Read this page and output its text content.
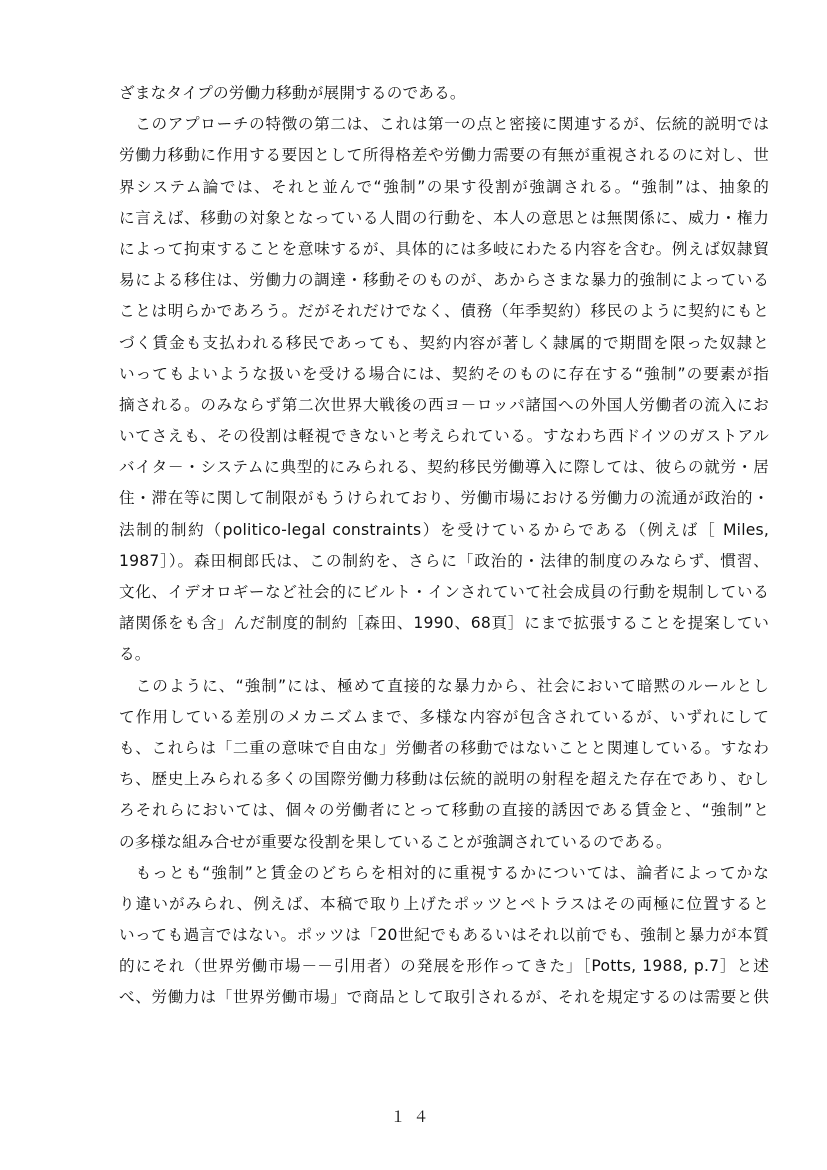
ざまなタイプの労働力移動が展開するのである。
　このアプローチの特徴の第二は、これは第一の点と密接に関連するが、伝統的説明では
労働力移動に作用する要因として所得格差や労働力需要の有無が重視されるのに対し、世
界システム論では、それと並んで“強制”の果す役割が強調される。“強制”は、抽象的
に言えば、移動の対象となっている人間の行動を、本人の意思とは無関係に、威力・権力
によって拘束することを意味するが、具体的には多岐にわたる内容を含む。例えば奴隷貿
易による移住は、労働力の調達・移動そのものが、あからさまな暴力的強制によっている
ことは明らかであろう。だがそれだけでなく、債務（年季契約）移民のように契約にもと
づく賃金も支払われる移民であっても、契約内容が著しく隷属的で期間を限った奴隷と
いってもよいような扱いを受ける場合には、契約そのものに存在する“強制”の要素が指
摘される。のみならず第二次世界大戦後の西ヨ－ロッパ諸国への外国人労働者の流入にお
いてさえも、その役割は軽視できないと考えられている。すなわち西ドイツのガストアル
バイタ－・システムに典型的にみられる、契約移民労働導入に際しては、彼らの就労・居
住・滞在等に関して制限がもうけられており、労働市場における労働力の流通が政治的・
法制的制約（politico-legal constraints）を受けているからである（例えば［ Miles,
1987］）。森田桐郎氏は、この制約を、さらに「政治的・法律的制度のみならず、慣習、
文化、イデオロギーなど社会的にビルト・インされていて社会成員の行動を規制している
諸関係をも含」んだ制度的制約［森田、1990、68頁］にまで拡張することを提案してい
る。
　このように、“強制”には、極めて直接的な暴力から、社会において暗黙のルールとし
て作用している差別のメカニズムまで、多様な内容が包含されているが、いずれにして
も、これらは「二重の意味で自由な」労働者の移動ではないことと関連している。すなわ
ち、歴史上みられる多くの国際労働力移動は伝統的説明の射程を超えた存在であり、むし
ろそれらにおいては、個々の労働者にとって移動の直接的誘因である賃金と、“強制”と
の多様な組み合せが重要な役割を果していることが強調されているのである。
　もっとも“強制”と賃金のどちらを相対的に重視するかについては、論者によってかな
り違いがみられ、例えば、本稿で取り上げたポッツとペトラスはその両極に位置すると
いっても過言ではない。ポッツは「20世紀でもあるいはそれ以前でも、強制と暴力が本質
的にそれ（世界労働市場－－引用者）の発展を形作ってきた」［Potts, 1988, p.7］と述
べ、労働力は「世界労働市場」で商品として取引されるが、それを規定するのは需要と供
１４
